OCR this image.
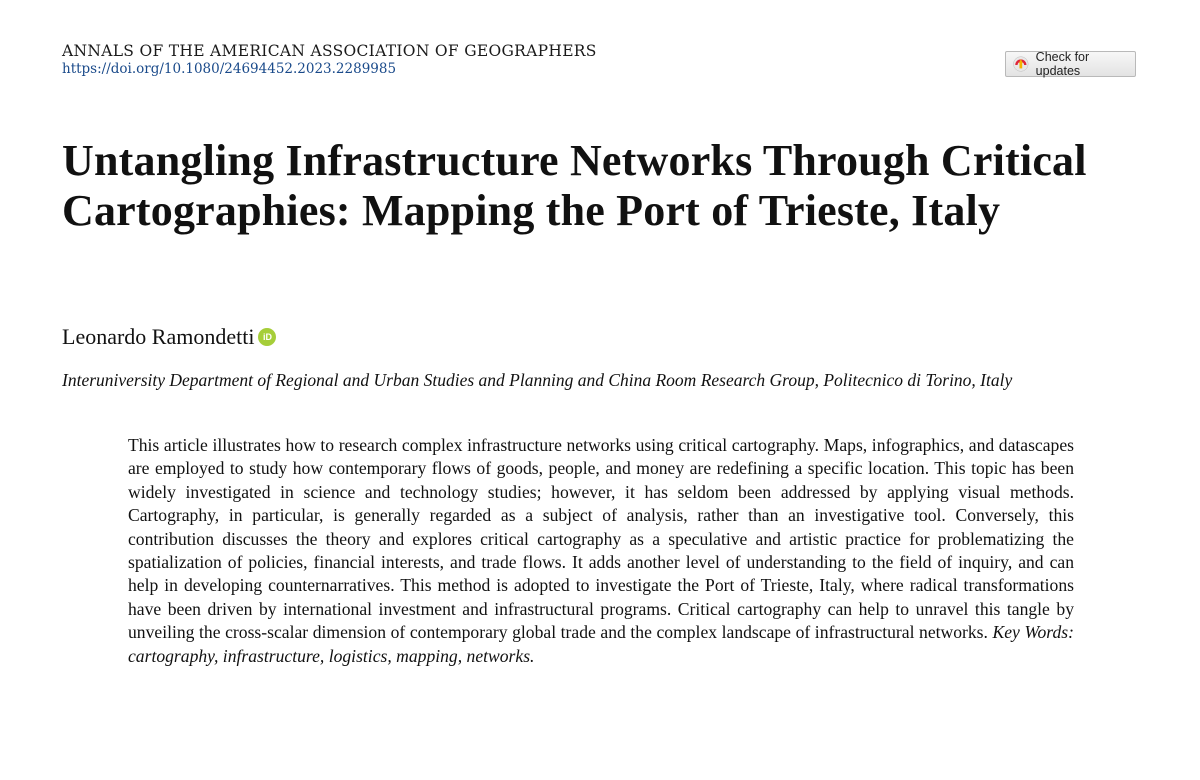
ANNALS OF THE AMERICAN ASSOCIATION OF GEOGRAPHERS
https://doi.org/10.1080/24694452.2023.2289985
Check for updates
Untangling Infrastructure Networks Through Critical Cartographies: Mapping the Port of Trieste, Italy
Leonardo Ramondetti iD

Interuniversity Department of Regional and Urban Studies and Planning and China Room Research Group, Politecnico di Torino, Italy

This article illustrates how to research complex infrastructure networks using critical cartography. Maps, infographics, and datascapes are employed to study how contemporary flows of goods, people, and money are redefining a specific location. This topic has been widely investigated in science and technology studies; however, it has seldom been addressed by applying visual methods. Cartography, in particular, is generally regarded as a subject of analysis, rather than an investigative tool. Conversely, this contribution discusses the theory and explores critical cartography as a speculative and artistic practice for problematizing the spatialization of policies, financial interests, and trade flows. It adds another level of understanding to the field of inquiry, and can help in developing counternarratives. This method is adopted to investigate the Port of Trieste, Italy, where radical transformations have been driven by international investment and infrastructural programs. Critical cartography can help to unravel this tangle by unveiling the cross-scalar dimension of contemporary global trade and the complex landscape of infrastructural networks. Key Words: cartography, infrastructure, logistics, mapping, networks.
